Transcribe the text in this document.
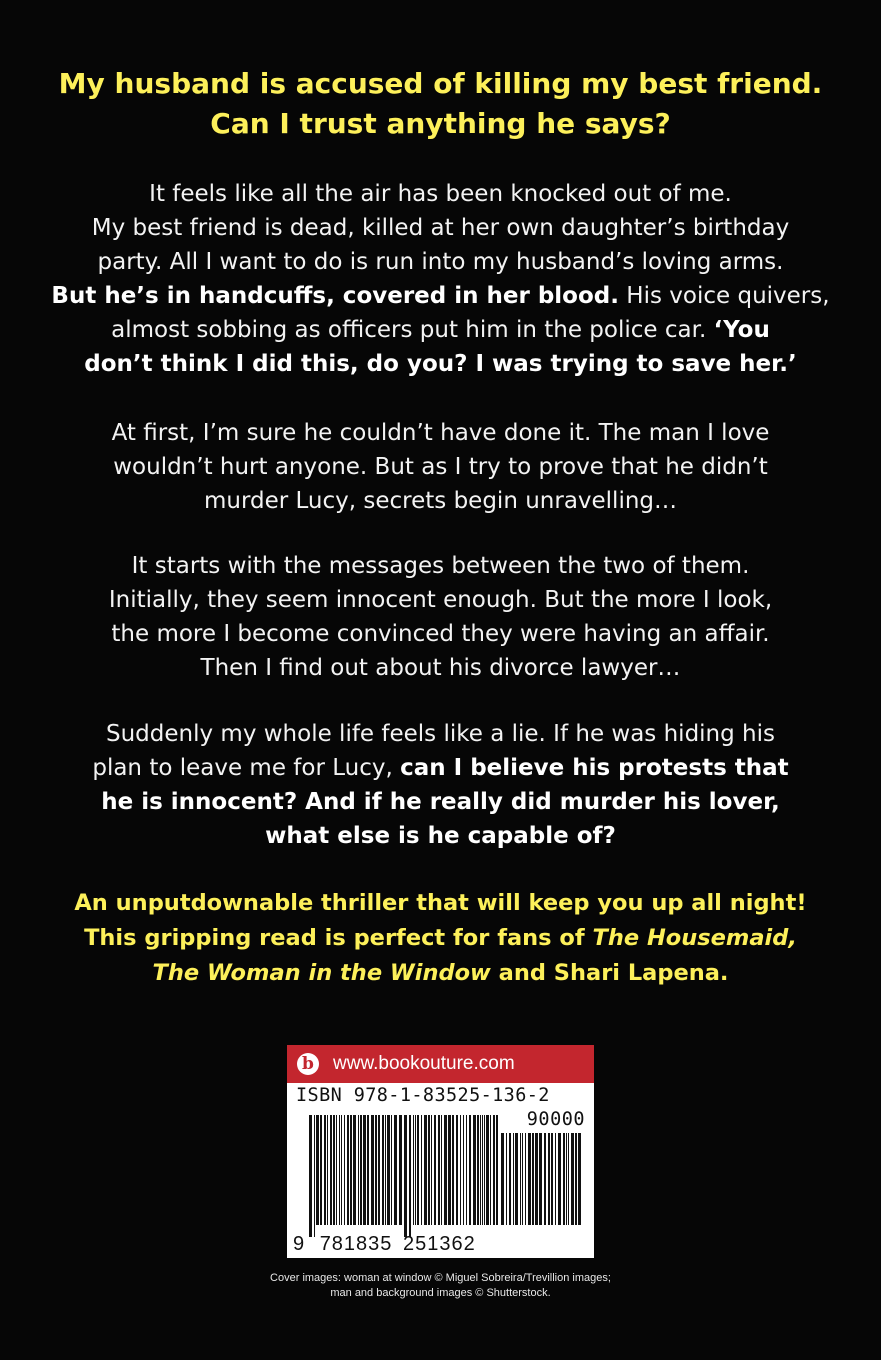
My husband is accused of killing my best friend.
Can I trust anything he says?

It feels like all the air has been knocked out of me.
My best friend is dead, killed at her own daughter’s birthday
party. All I want to do is run into my husband’s loving arms.
But he’s in handcuffs, covered in her blood. His voice quivers,
almost sobbing as officers put him in the police car. ‘You
don’t think I did this, do you? I was trying to save her.’

At first, I’m sure he couldn’t have done it. The man I love
wouldn’t hurt anyone. But as I try to prove that he didn’t
murder Lucy, secrets begin unravelling…

It starts with the messages between the two of them.
Initially, they seem innocent enough. But the more I look,
the more I become convinced they were having an affair.
Then I find out about his divorce lawyer…

Suddenly my whole life feels like a lie. If he was hiding his
plan to leave me for Lucy, can I believe his protests that
he is innocent? And if he really did murder his lover,
what else is he capable of?

An unputdownable thriller that will keep you up all night!
This gripping read is perfect for fans of The Housemaid,
The Woman in the Window and Shari Lapena.

b www.bookouture.com
ISBN 978-1-83525-136-2
90000
9 781835 251362

Cover images: woman at window © Miguel Sobreira/Trevillion images;
man and background images © Shutterstock.
